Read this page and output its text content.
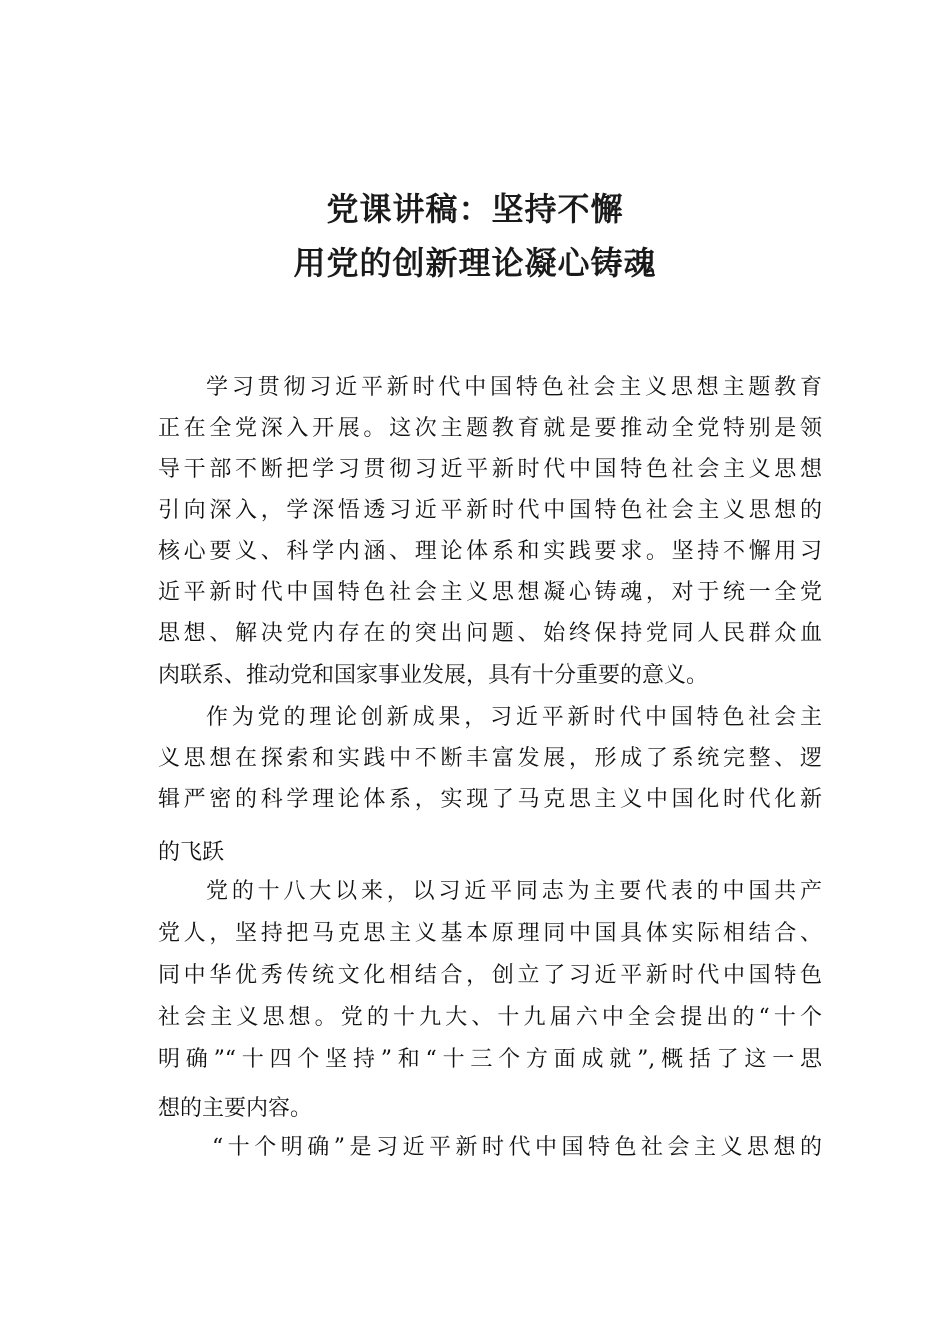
党课讲稿：坚持不懈
用党的创新理论凝心铸魂
学习贯彻习近平新时代中国特色社会主义思想主题教育
正在全党深入开展。这次主题教育就是要推动全党特别是领
导干部不断把学习贯彻习近平新时代中国特色社会主义思想
引向深入，学深悟透习近平新时代中国特色社会主义思想的
核心要义、科学内涵、理论体系和实践要求。坚持不懈用习
近平新时代中国特色社会主义思想凝心铸魂，对于统一全党
思想、解决党内存在的突出问题、始终保持党同人民群众血
肉联系、推动党和国家事业发展，具有十分重要的意义。
作为党的理论创新成果，习近平新时代中国特色社会主
义思想在探索和实践中不断丰富发展，形成了系统完整、逻
辑严密的科学理论体系，实现了马克思主义中国化时代化新
的飞跃
党的十八大以来，以习近平同志为主要代表的中国共产
党人，坚持把马克思主义基本原理同中国具体实际相结合、
同中华优秀传统文化相结合，创立了习近平新时代中国特色
社会主义思想。党的十九大、十九届六中全会提出的“十个
明确”“十四个坚持”和“十三个方面成就”,概括了这一思
想的主要内容。
“十个明确”是习近平新时代中国特色社会主义思想的
